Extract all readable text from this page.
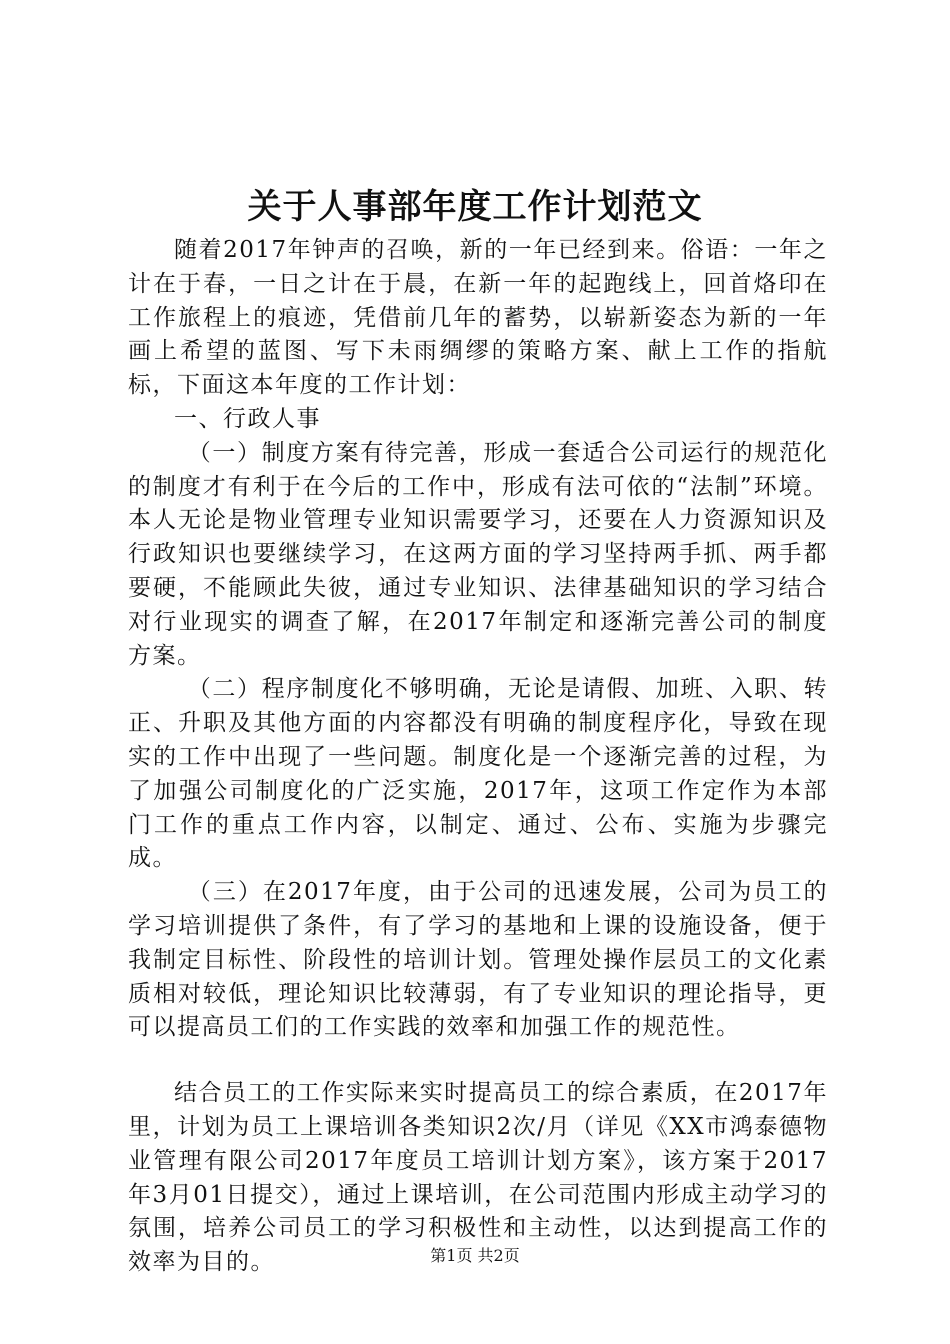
关于人事部年度工作计划范文

随着2017年钟声的召唤，新的一年已经到来。俗语：一年之计在于春，一日之计在于晨，在新一年的起跑线上，回首烙印在工作旅程上的痕迹，凭借前几年的蓄势，以崭新姿态为新的一年画上希望的蓝图、写下未雨绸缪的策略方案、献上工作的指航标，下面这本年度的工作计划：

一、行政人事

（一）制度方案有待完善，形成一套适合公司运行的规范化的制度才有利于在今后的工作中，形成有法可依的“法制”环境。本人无论是物业管理专业知识需要学习，还要在人力资源知识及行政知识也要继续学习，在这两方面的学习坚持两手抓、两手都要硬，不能顾此失彼，通过专业知识、法律基础知识的学习结合对行业现实的调查了解，在2017年制定和逐渐完善公司的制度方案。

（二）程序制度化不够明确，无论是请假、加班、入职、转正、升职及其他方面的内容都没有明确的制度程序化，导致在现实的工作中出现了一些问题。制度化是一个逐渐完善的过程，为了加强公司制度化的广泛实施，2017年，这项工作定作为本部门工作的重点工作内容，以制定、通过、公布、实施为步骤完成。

（三）在2017年度，由于公司的迅速发展，公司为员工的学习培训提供了条件，有了学习的基地和上课的设施设备，便于我制定目标性、阶段性的培训计划。管理处操作层员工的文化素质相对较低，理论知识比较薄弱，有了专业知识的理论指导，更可以提高员工们的工作实践的效率和加强工作的规范性。

结合员工的工作实际来实时提高员工的综合素质，在2017年里，计划为员工上课培训各类知识2次/月（详见《XX市鸿泰德物业管理有限公司2017年度员工培训计划方案》，该方案于2017年3月01日提交），通过上课培训，在公司范围内形成主动学习的氛围，培养公司员工的学习积极性和主动性，以达到提高工作的效率为目的。	第1页 共2页
